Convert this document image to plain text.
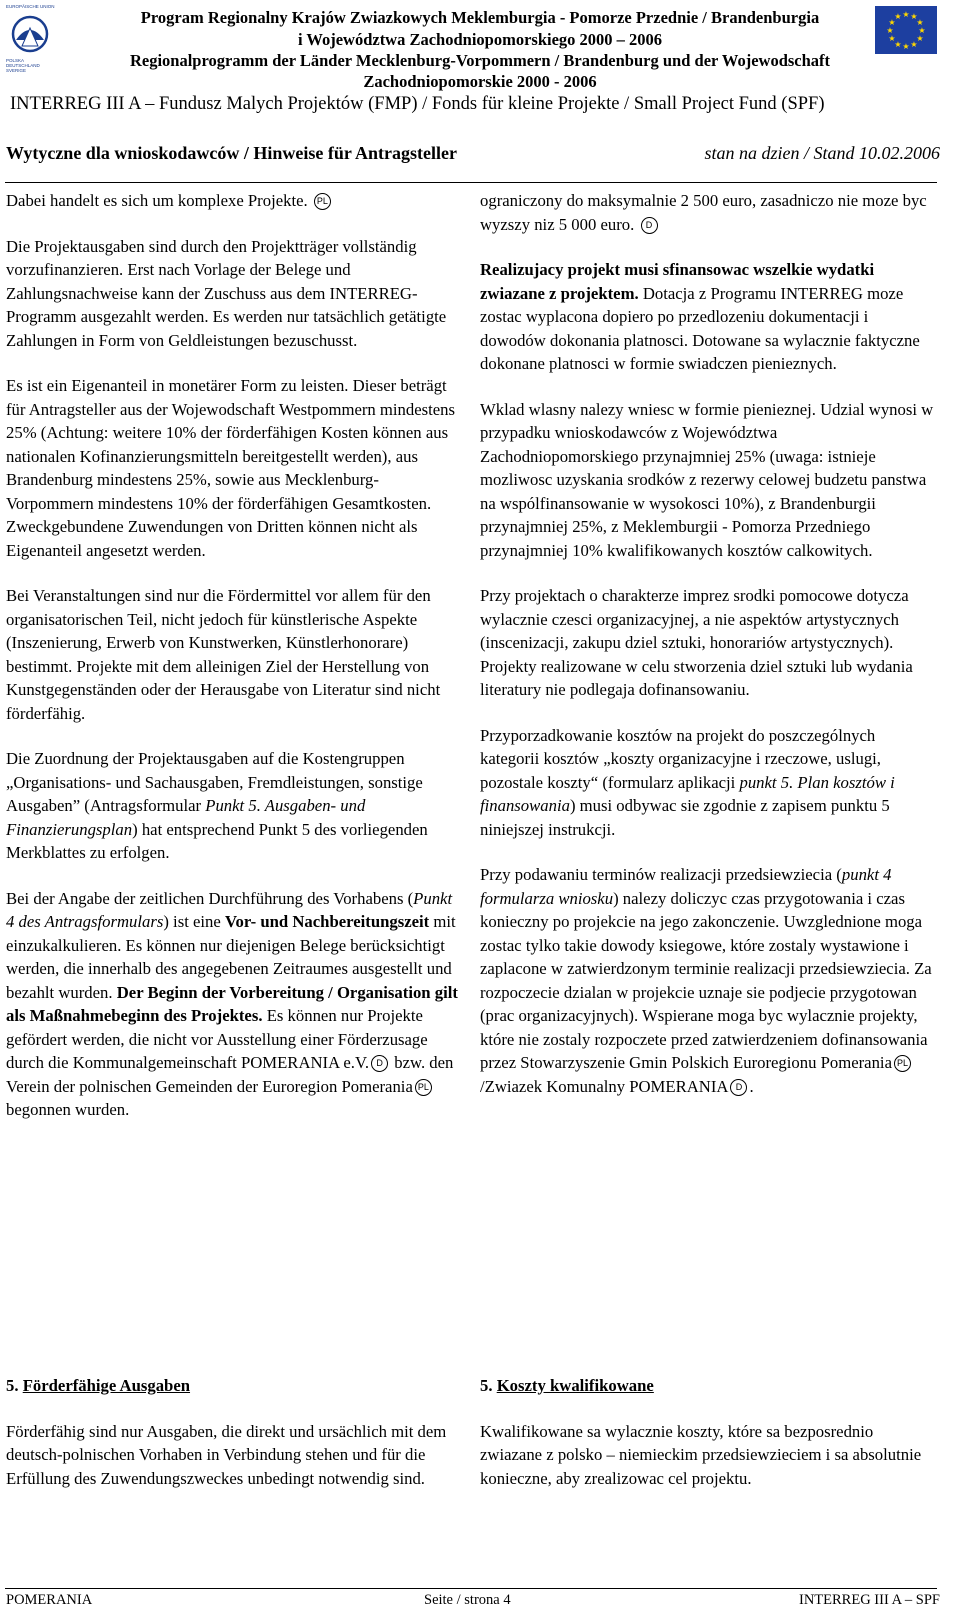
EUROPÄISCHE UNION
POLSKA
DEUTSCHLAND
SVERIGE
Program Regionalny Krajów Zwiazkowych Meklemburgia - Pomorze Przednie / Brandenburgia
i Województwa Zachodniopomorskiego 2000 – 2006
Regionalprogramm der Länder Mecklenburg-Vorpommern / Brandenburg und der Wojewodschaft
Zachodniopomorskie 2000 - 2006
★ ★
★
★
★
★
★
★
★
★
★
★
INTERREG III A – Fundusz Malych Projektów (FMP) / Fonds für kleine Projekte / Small Project Fund (SPF)
Wytyczne dla wnioskodawców / Hinweise für Antragsteller	stan na dzien / Stand 10.02.2006

Dabei handelt es sich um komplexe Projekte. PL

Die Projektausgaben sind durch den Projektträger vollständig vorzufinanzieren. Erst nach Vorlage der Belege und Zahlungsnachweise kann der Zuschuss aus dem INTERREG-Programm ausgezahlt werden. Es werden nur tatsächlich getätigte Zahlungen in Form von Geldleistungen bezuschusst.

Es ist ein Eigenanteil in monetärer Form zu leisten. Dieser beträgt für Antragsteller aus der Wojewodschaft Westpommern mindestens 25% (Achtung: weitere 10% der förderfähigen Kosten können aus nationalen Kofinanzierungsmitteln bereitgestellt werden), aus Brandenburg mindestens 25%, sowie aus Mecklenburg-Vorpommern mindestens 10% der förderfähigen Gesamtkosten. Zweckgebundene Zuwendungen von Dritten können nicht als Eigenanteil angesetzt werden.

Bei Veranstaltungen sind nur die Fördermittel vor allem für den organisatorischen Teil, nicht jedoch für künstlerische Aspekte (Inszenierung, Erwerb von Kunstwerken, Künstlerhonorare) bestimmt. Projekte mit dem alleinigen Ziel der Herstellung von Kunstgegenständen oder der Herausgabe von Literatur sind nicht förderfähig.

Die Zuordnung der Projektausgaben auf die Kostengruppen „Organisations- und Sachausgaben, Fremdleistungen, sonstige Ausgaben” (Antragsformular Punkt 5. Ausgaben- und Finanzierungsplan) hat entsprechend Punkt 5 des vorliegenden Merkblattes zu erfolgen.

Bei der Angabe der zeitlichen Durchführung des Vorhabens (Punkt 4 des Antragsformulars) ist eine Vor- und Nachbereitungszeit mit einzukalkulieren. Es können nur diejenigen Belege berücksichtigt werden, die innerhalb des angegebenen Zeitraumes ausgestellt und bezahlt wurden. Der Beginn der Vorbereitung / Organisation gilt als Maßnahmebeginn des Projektes. Es können nur Projekte gefördert werden, die nicht vor Ausstellung einer Förderzusage durch die Kommunalgemeinschaft POMERANIA e.V. D bzw. den Verein der polnischen Gemeinden der Euroregion Pomerania PL begonnen wurden.

ograniczony do maksymalnie 2 500 euro, zasadniczo nie moze byc wyzszy niz 5 000 euro. D

Realizujacy projekt musi sfinansowac wszelkie wydatki zwiazane z projektem. Dotacja z Programu INTERREG moze zostac wyplacona dopiero po przedlozeniu dokumentacji i dowodów dokonania platnosci. Dotowane sa wylacznie faktyczne dokonane platnosci w formie swiadczen pienieznych.

Wklad wlasny nalezy wniesc w formie pienieznej. Udzial wynosi w przypadku wnioskodawców z Województwa Zachodniopomorskiego przynajmniej 25% (uwaga: istnieje mozliwosc uzyskania srodków z rezerwy celowej budzetu panstwa na wspólfinansowanie w wysokosci 10%), z Brandenburgii przynajmniej 25%, z Meklemburgii - Pomorza Przedniego przynajmniej 10% kwalifikowanych kosztów calkowitych.

Przy projektach o charakterze imprez srodki pomocowe dotycza wylacznie czesci organizacyjnej, a nie aspektów artystycznych (inscenizacji, zakupu dziel sztuki, honorariów artystycznych). Projekty realizowane w celu stworzenia dziel sztuki lub wydania literatury nie podlegaja dofinansowaniu.

Przyporzadkowanie kosztów na projekt do poszczególnych kategorii kosztów „koszty organizacyjne i rzeczowe, uslugi, pozostale koszty“ (formularz aplikacji punkt 5. Plan kosztów i finansowania) musi odbywac sie zgodnie z zapisem punktu 5 niniejszej instrukcji.

Przy podawaniu terminów realizacji przedsiewziecia (punkt 4 formularza wniosku) nalezy doliczyc czas przygotowania i czas konieczny po projekcie na jego zakonczenie. Uwzglednione moga zostac tylko takie dowody ksiegowe, które zostaly wystawione i zaplacone w zatwierdzonym terminie realizacji przedsiewziecia. Za rozpoczecie dzialan w projekcie uznaje sie podjecie przygotowan (prac organizacyjnych). Wspierane moga byc wylacznie projekty, które nie zostaly rozpoczete przed zatwierdzeniem dofinansowania przez Stowarzyszenie Gmin Polskich Euroregionu Pomerania PL/Zwiazek Komunalny POMERANIA D .

5. Förderfähige Ausgaben
Förderfähig sind nur Ausgaben, die direkt und ursächlich mit dem deutsch-polnischen Vorhaben in Verbindung stehen und für die Erfüllung des Zuwendungszweckes unbedingt notwendig sind.
5. Koszty kwalifikowane
Kwalifikowane sa wylacznie koszty, które sa bezposrednio zwiazane z polsko – niemieckim przedsiewzieciem i sa absolutnie konieczne, aby zrealizowac cel projektu.
POMERANIA	Seite / strona 4	INTERREG III A – SPF
